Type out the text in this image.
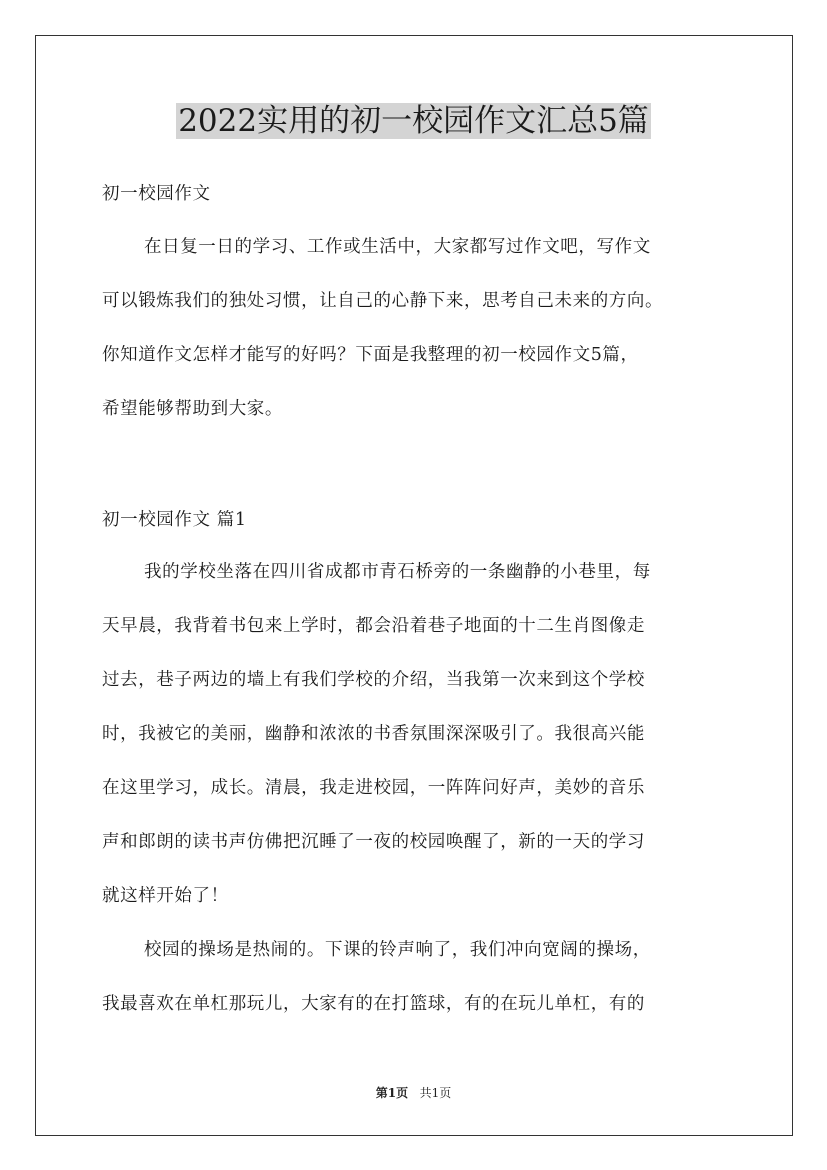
2022实用的初一校园作文汇总5篇
初一校园作文
在日复一日的学习、工作或生活中，大家都写过作文吧，写作文
可以锻炼我们的独处习惯，让自己的心静下来，思考自己未来的方向。
你知道作文怎样才能写的好吗？下面是我整理的初一校园作文5篇，
希望能够帮助到大家。
初一校园作文 篇1
我的学校坐落在四川省成都市青石桥旁的一条幽静的小巷里，每
天早晨，我背着书包来上学时，都会沿着巷子地面的十二生肖图像走
过去，巷子两边的墙上有我们学校的介绍，当我第一次来到这个学校
时，我被它的美丽，幽静和浓浓的书香氛围深深吸引了。我很高兴能
在这里学习，成长。清晨，我走进校园，一阵阵问好声，美妙的音乐
声和郎朗的读书声仿佛把沉睡了一夜的校园唤醒了，新的一天的学习
就这样开始了！
校园的操场是热闹的。下课的铃声响了，我们冲向宽阔的操场，
我最喜欢在单杠那玩儿，大家有的在打篮球，有的在玩儿单杠，有的
第1页 共1页
